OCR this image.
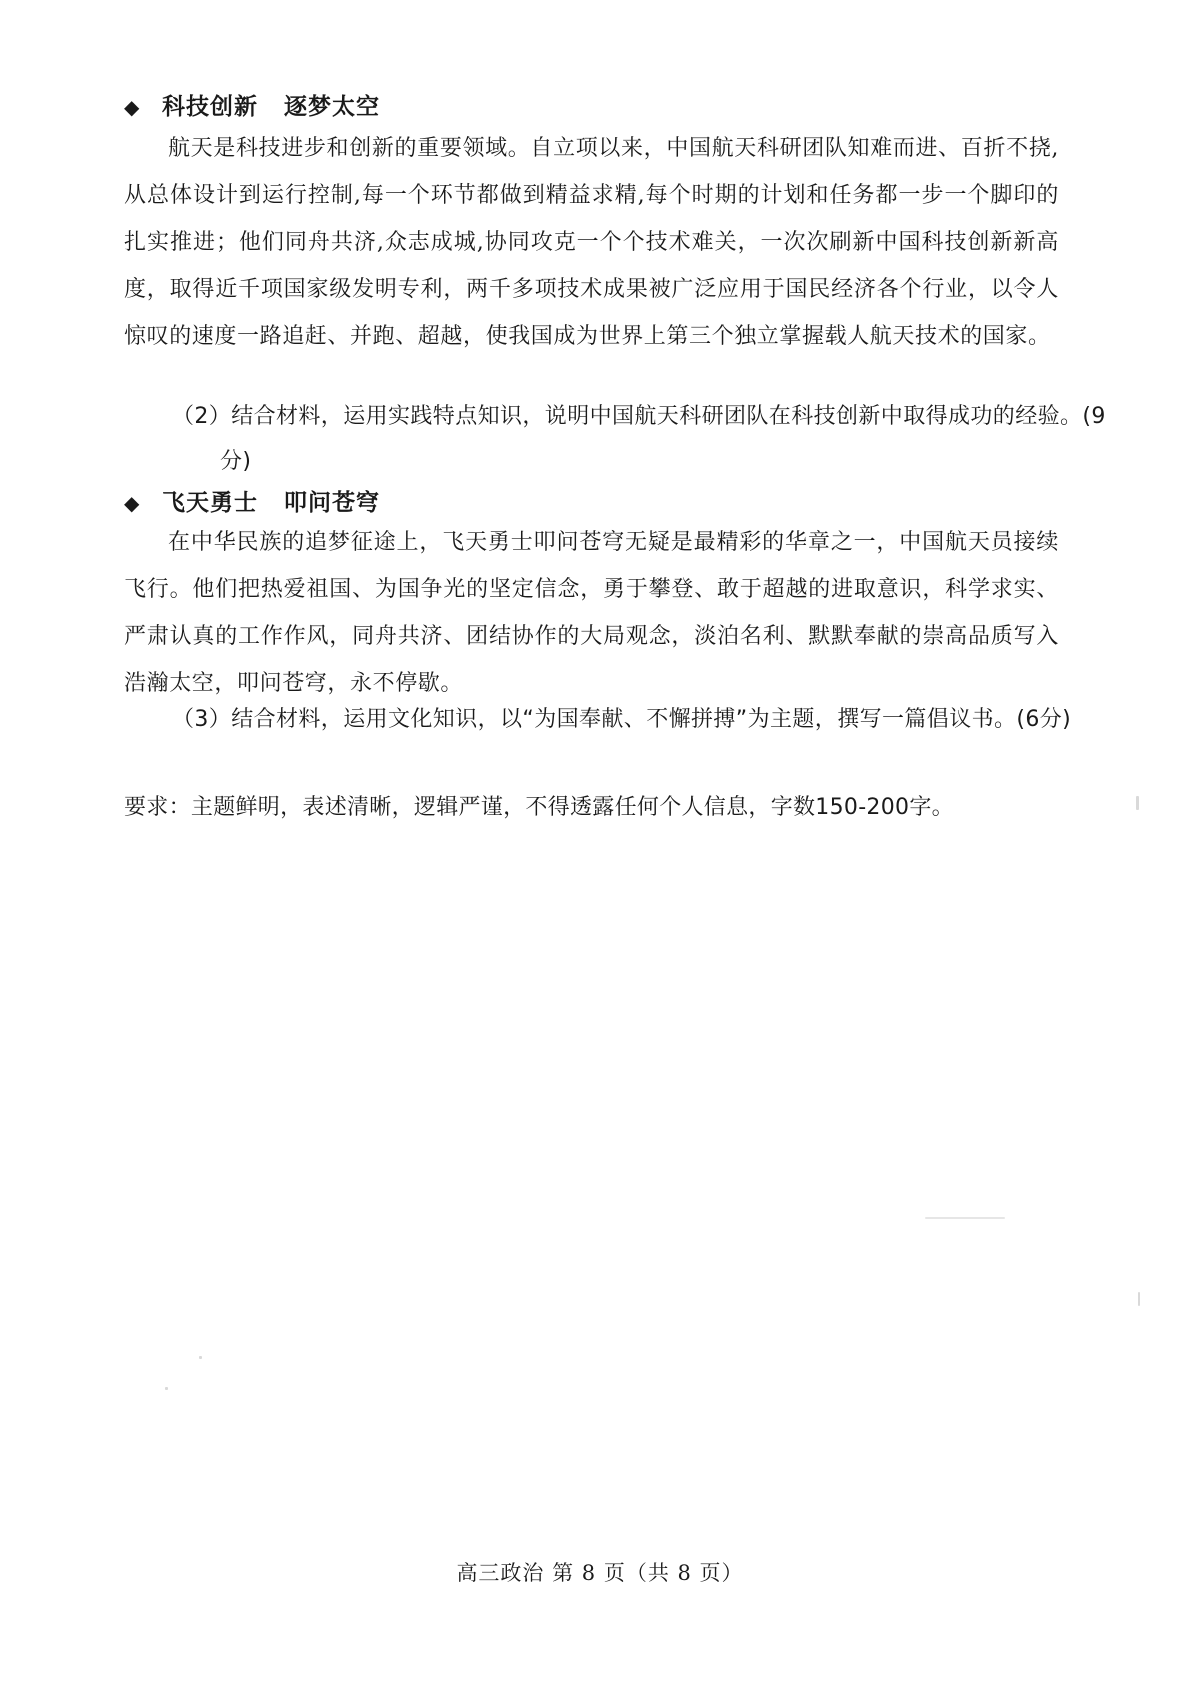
◆ 科技创新 逐梦太空
航天是科技进步和创新的重要领域。自立项以来，中国航天科研团队知难而进、百折不挠,从总体设计到运行控制,每一个环节都做到精益求精,每个时期的计划和任务都一步一个脚印的扎实推进；他们同舟共济,众志成城,协同攻克一个个技术难关，一次次刷新中国科技创新新高度，取得近千项国家级发明专利，两千多项技术成果被广泛应用于国民经济各个行业，以令人惊叹的速度一路追赶、并跑、超越，使我国成为世界上第三个独立掌握载人航天技术的国家。
（2）结合材料，运用实践特点知识，说明中国航天科研团队在科技创新中取得成功的经验。(9分)
◆ 飞天勇士 叩问苍穹
在中华民族的追梦征途上，飞天勇士叩问苍穹无疑是最精彩的华章之一，中国航天员接续飞行。他们把热爱祖国、为国争光的坚定信念，勇于攀登、敢于超越的进取意识，科学求实、严肃认真的工作作风，同舟共济、团结协作的大局观念，淡泊名利、默默奉献的崇高品质写入浩瀚太空，叩问苍穹，永不停歇。
（3）结合材料，运用文化知识，以“为国奉献、不懈拼搏”为主题，撰写一篇倡议书。(6分)
要求：主题鲜明，表述清晰，逻辑严谨，不得透露任何个人信息，字数150-200字。
高三政治 第 8 页（共 8 页）
